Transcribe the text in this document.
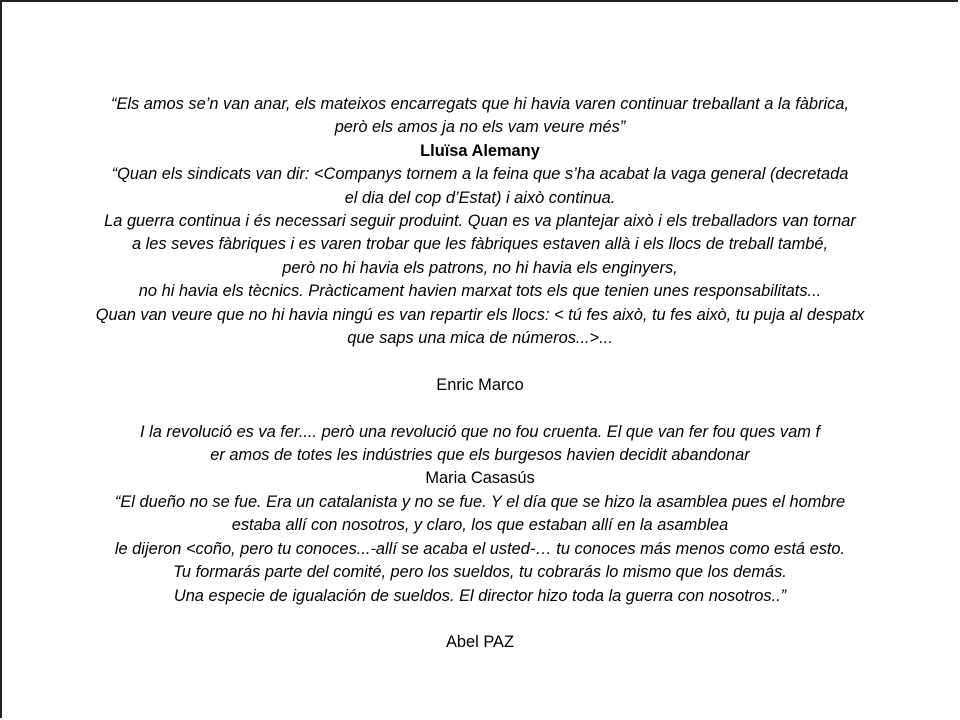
“Els amos se’n van anar, els mateixos encarregats que hi havia varen continuar treballant a la fàbrica,
però els amos ja no els vam veure més”
Lluïsa Alemany
“Quan els sindicats van dir: <Companys tornem a la feina que s’ha acabat la vaga general (decretada
el dia del cop d’Estat) i això continua.
La guerra continua i és necessari seguir produint. Quan es va plantejar això i els treballadors van tornar
a les seves fàbriques i es varen trobar que les fàbriques estaven allà i els llocs de treball també,
però no hi havia els patrons, no hi havia els enginyers,
no hi havia els tècnics. Pràcticament havien marxat tots els que tenien unes responsabilitats...
Quan van veure que no hi havia ningú es van repartir els llocs: < tú fes això, tu fes això, tu puja al despatx
que saps una mica de números...>...
Enric Marco
I la revolució es va fer.... però una revolució que no fou cruenta. El que van fer fou ques vam f
er amos de totes les indústries que els burgesos havien decidit abandonar
Maria Casasús
“El dueño no se fue. Era un catalanista y no se fue. Y el día que se hizo la asamblea pues el hombre
estaba allí con nosotros, y claro, los que estaban allí en la asamblea
le dijeron <coño, pero tu conoces...-allí se acaba el usted-… tu conoces más menos como está esto.
Tu formarás parte del comité, pero los sueldos, tu cobrarás lo mismo que los demás.
Una especie de igualación de sueldos. El director hizo toda la guerra con nosotros..”
Abel PAZ
